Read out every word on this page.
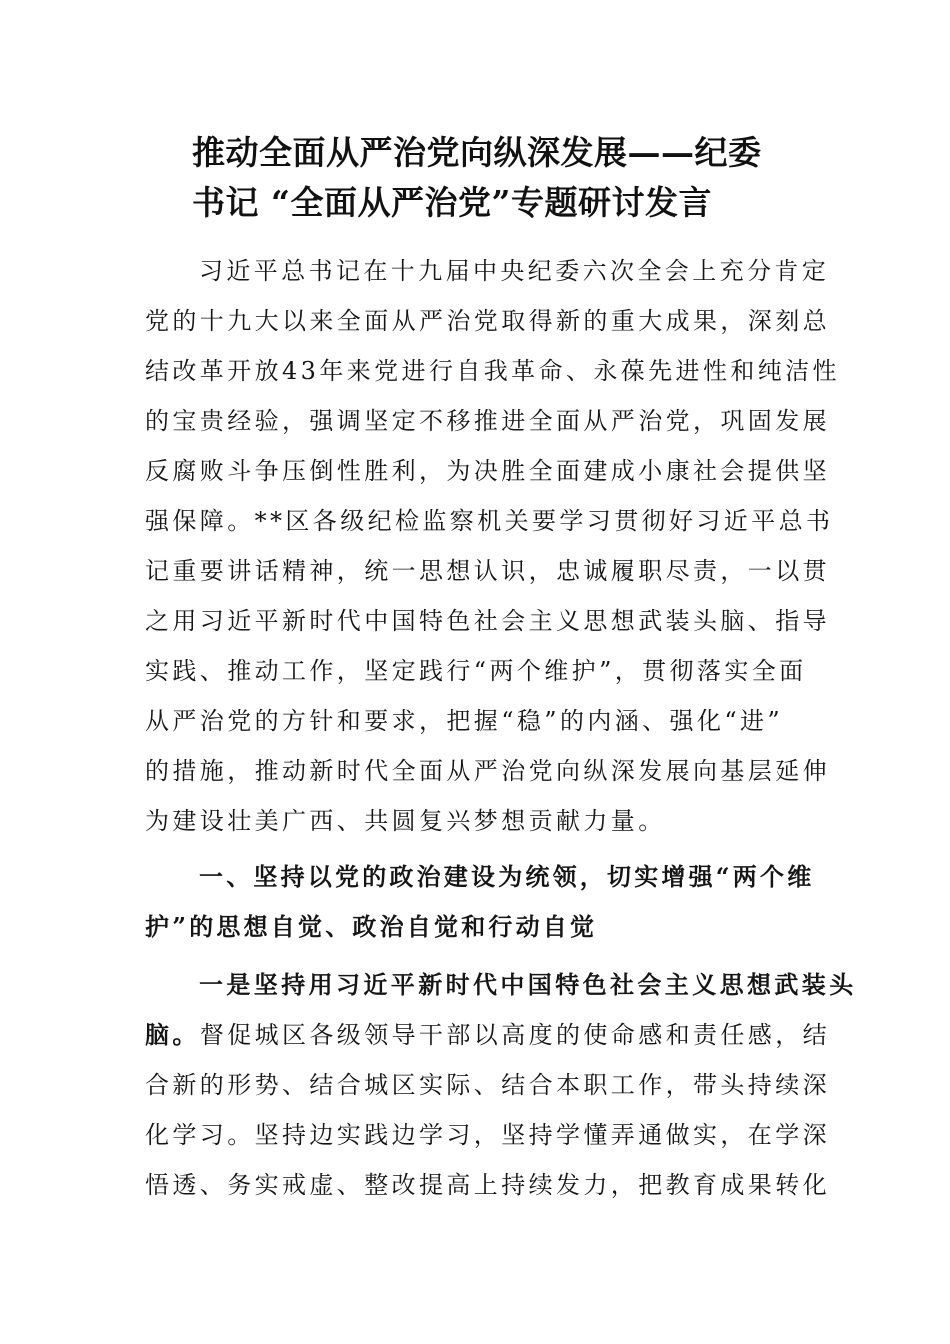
推动全面从严治党向纵深发展——纪委
书记 “全面从严治党”专题研讨发言
习近平总书记在十九届中央纪委六次全会上充分肯定
党的十九大以来全面从严治党取得新的重大成果，深刻总
结改革开放43年来党进行自我革命、永葆先进性和纯洁性
的宝贵经验，强调坚定不移推进全面从严治党，巩固发展
反腐败斗争压倒性胜利，为决胜全面建成小康社会提供坚
强保障。**区各级纪检监察机关要学习贯彻好习近平总书
记重要讲话精神，统一思想认识，忠诚履职尽责，一以贯
之用习近平新时代中国特色社会主义思想武装头脑、指导
实践、推动工作，坚定践行“两个维护”，贯彻落实全面
从严治党的方针和要求，把握“稳”的内涵、强化“进”
的措施，推动新时代全面从严治党向纵深发展向基层延伸
为建设壮美广西、共圆复兴梦想贡献力量。
一、坚持以党的政治建设为统领，切实增强“两个维
护”的思想自觉、政治自觉和行动自觉
一是坚持用习近平新时代中国特色社会主义思想武装头
脑。督促城区各级领导干部以高度的使命感和责任感，结
合新的形势、结合城区实际、结合本职工作，带头持续深
化学习。坚持边实践边学习，坚持学懂弄通做实，在学深
悟透、务实戒虚、整改提高上持续发力，把教育成果转化
